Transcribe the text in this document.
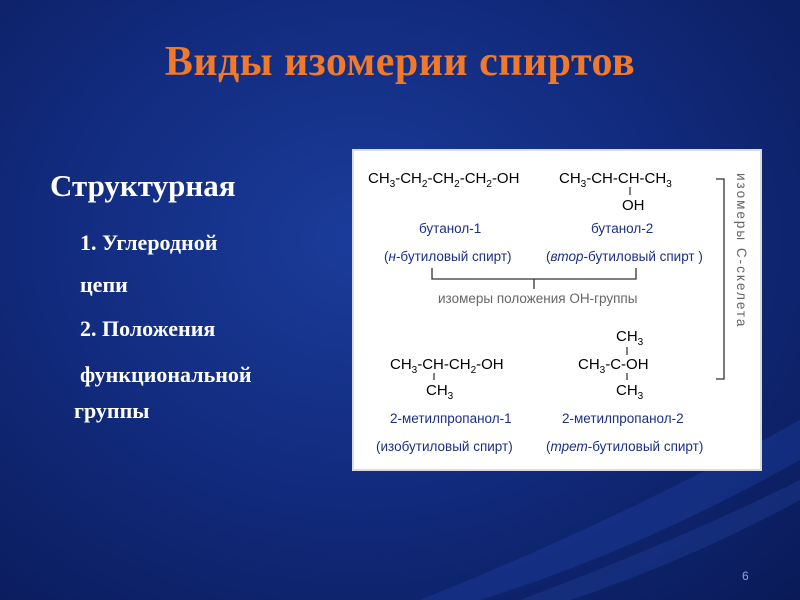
Виды изомерии спиртов
Структурная
1. Углеродной
цепи
2. Положения
функциональной
группы
$CH_3-CH_2-CH_2-CH_2-OH$	$CH_3-CH-CH-CH_3$
OH
бутанол-1
(н-бутиловый спирт)
бутанол-2
(втор-бутиловый спирт )
изомеры положения OH-группы	изомеры С-скелета
$CH_3-CH-CH_2-OH$
$CH_3$
$CH_3$
$CH_3-C-OH$
$CH_3$
2-метилпропанол-1
(изобутиловый спирт)
2-метилпропанол-2
(трет-бутиловый спирт)
6
